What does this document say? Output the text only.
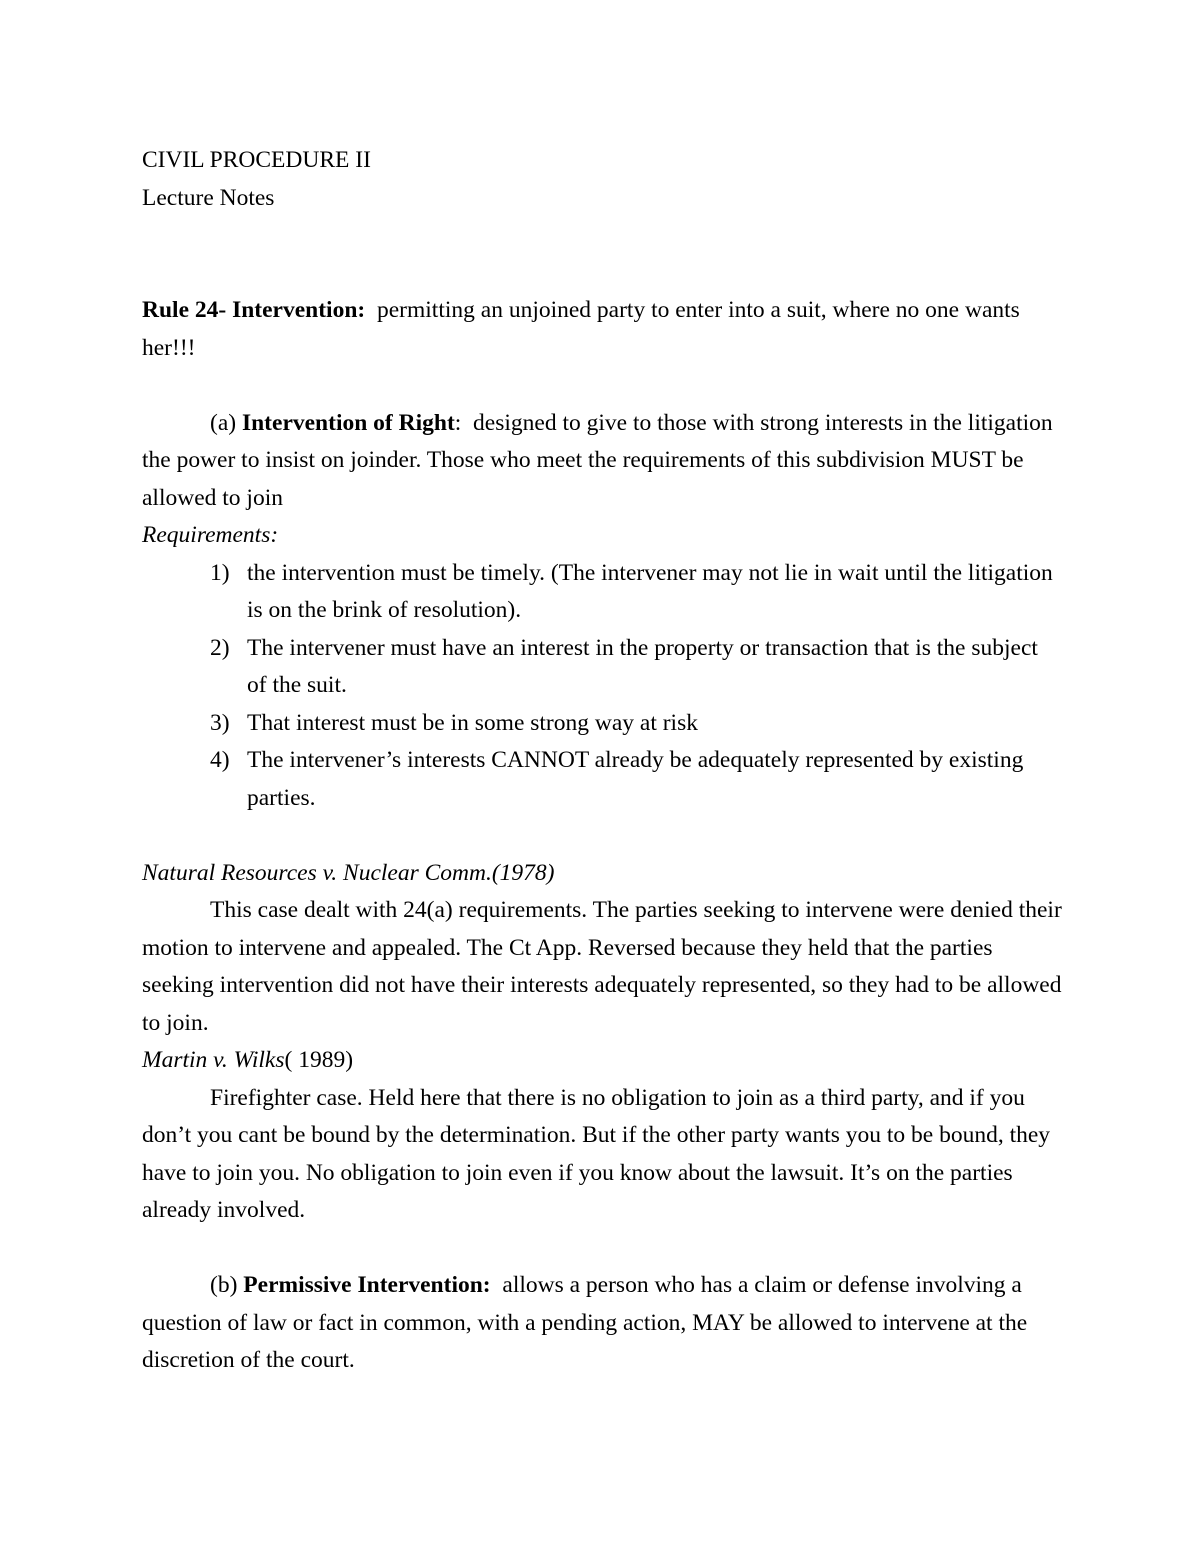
CIVIL PROCEDURE II

Lecture Notes

Rule 24- Intervention: permitting an unjoined party to enter into a suit, where no one wants her!!!

(a) Intervention of Right: designed to give to those with strong interests in the litigation the power to insist on joinder. Those who meet the requirements of this subdivision MUST be allowed to join

Requirements:

1) the intervention must be timely. (The intervener may not lie in wait until the litigation is on the brink of resolution).
2) The intervener must have an interest in the property or transaction that is the subject of the suit.
3) That interest must be in some strong way at risk
4) The intervener’s interests CANNOT already be adequately represented by existing parties.

Natural Resources v. Nuclear Comm.(1978)

This case dealt with 24(a) requirements. The parties seeking to intervene were denied their motion to intervene and appealed. The Ct App. Reversed because they held that the parties seeking intervention did not have their interests adequately represented, so they had to be allowed to join.

Martin v. Wilks( 1989)

Firefighter case. Held here that there is no obligation to join as a third party, and if you don’t you cant be bound by the determination. But if the other party wants you to be bound, they have to join you. No obligation to join even if you know about the lawsuit. It’s on the parties already involved.

(b) Permissive Intervention: allows a person who has a claim or defense involving a question of law or fact in common, with a pending action, MAY be allowed to intervene at the discretion of the court.
